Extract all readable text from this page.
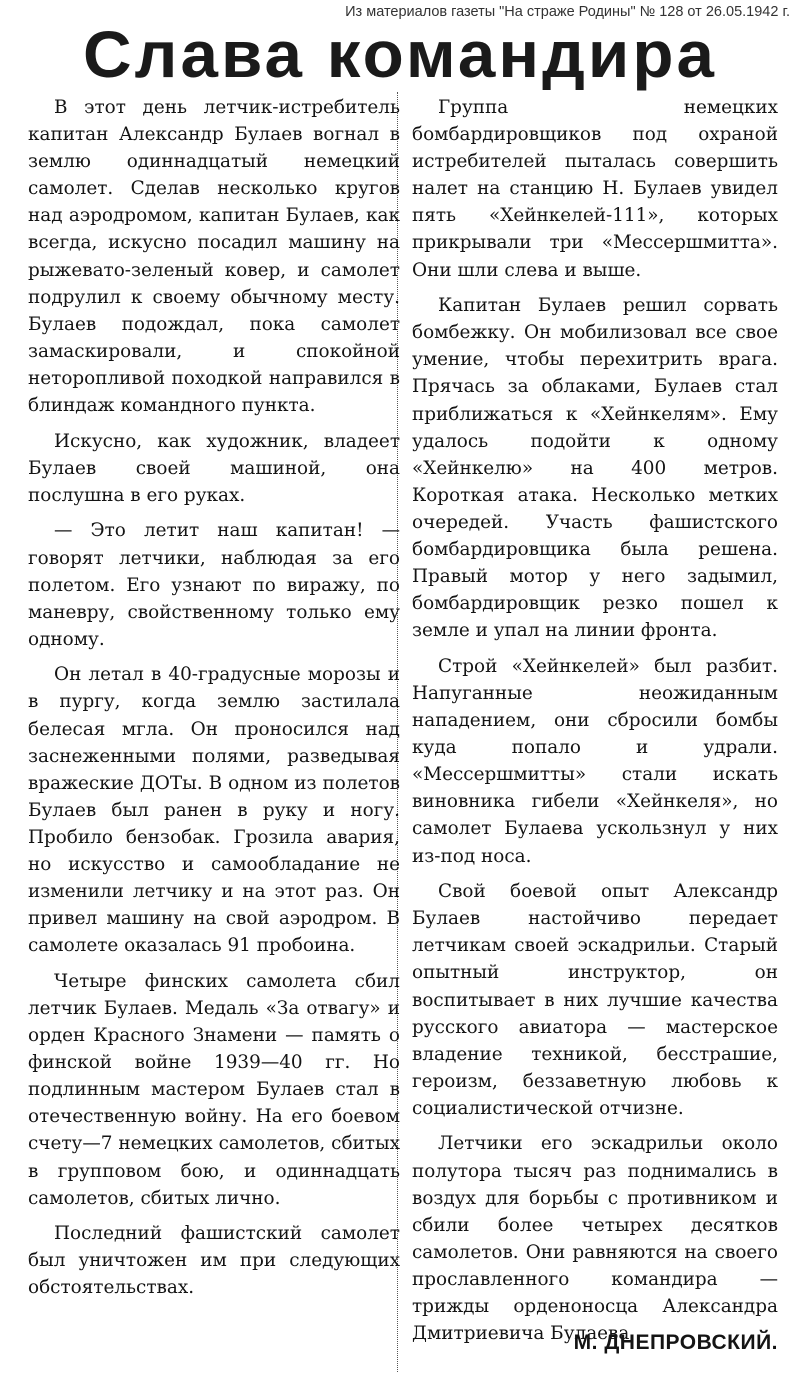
Из материалов газеты "На страже Родины" № 128 от 26.05.1942 г.
Слава командира

В этот день летчик-истребитель капитан Александр Булаев вогнал в землю одиннадцатый немецкий самолет. Сделав несколько кругов над аэродромом, капитан Булаев, как всегда, искусно посадил машину на рыжевато-зеленый ковер, и самолет подрулил к своему обычному месту. Булаев подождал, пока самолет замаскировали, и спокойной неторопливой походкой направился в блиндаж командного пункта.

Искусно, как художник, владеет Булаев своей машиной, она послушна в его руках.

— Это летит наш капитан! — говорят летчики, наблюдая за его полетом. Его узнают по виражу, по маневру, свойственному только ему одному.

Он летал в 40-градусные морозы и в пургу, когда землю застилала белесая мгла. Он проносился над заснеженными полями, разведывая вражеские ДОТы. В одном из полетов Булаев был ранен в руку и ногу. Пробило бензобак. Грозила авария, но искусство и самообладание не изменили летчику и на этот раз. Он привел машину на свой аэродром. В самолете оказалась 91 пробоина.

Четыре финских самолета сбил летчик Булаев. Медаль «За отвагу» и орден Красного Знамени — память о финской войне 1939—40 гг. Но подлинным мастером Булаев стал в отечественную войну. На его боевом счету—7 немецких самолетов, сбитых в групповом бою, и одиннадцать самолетов, сбитых лично.

Последний фашистский самолет был уничтожен им при следующих обстоятельствах.

Группа немецких бомбардировщиков под охраной истребителей пыталась совершить налет на станцию Н. Булаев увидел пять «Хейнкелей-111», которых прикрывали три «Мессершмитта». Они шли слева и выше.

Капитан Булаев решил сорвать бомбежку. Он мобилизовал все свое умение, чтобы перехитрить врага. Прячась за облаками, Булаев стал приближаться к «Хейнкелям». Ему удалось подойти к одному «Хейнкелю» на 400 метров. Короткая атака. Несколько метких очередей. Участь фашистского бомбардировщика была решена. Правый мотор у него задымил, бомбардировщик резко пошел к земле и упал на линии фронта.

Строй «Хейнкелей» был разбит. Напуганные неожиданным нападением, они сбросили бомбы куда попало и удрали. «Мессершмитты» стали искать виновника гибели «Хейнкеля», но самолет Булаева ускользнул у них из-под носа.

Свой боевой опыт Александр Булаев настойчиво передает летчикам своей эскадрильи. Старый опытный инструктор, он воспитывает в них лучшие качества русского авиатора — мастерское владение техникой, бесстрашие, героизм, беззаветную любовь к социалистической отчизне.

Летчики его эскадрильи около полутора тысяч раз поднимались в воздух для борьбы с противником и сбили более четырех десятков самолетов. Они равняются на своего прославленного командира — трижды орденоносца Александра Дмитриевича Булаева.

М. ДНЕПРОВСКИЙ.
